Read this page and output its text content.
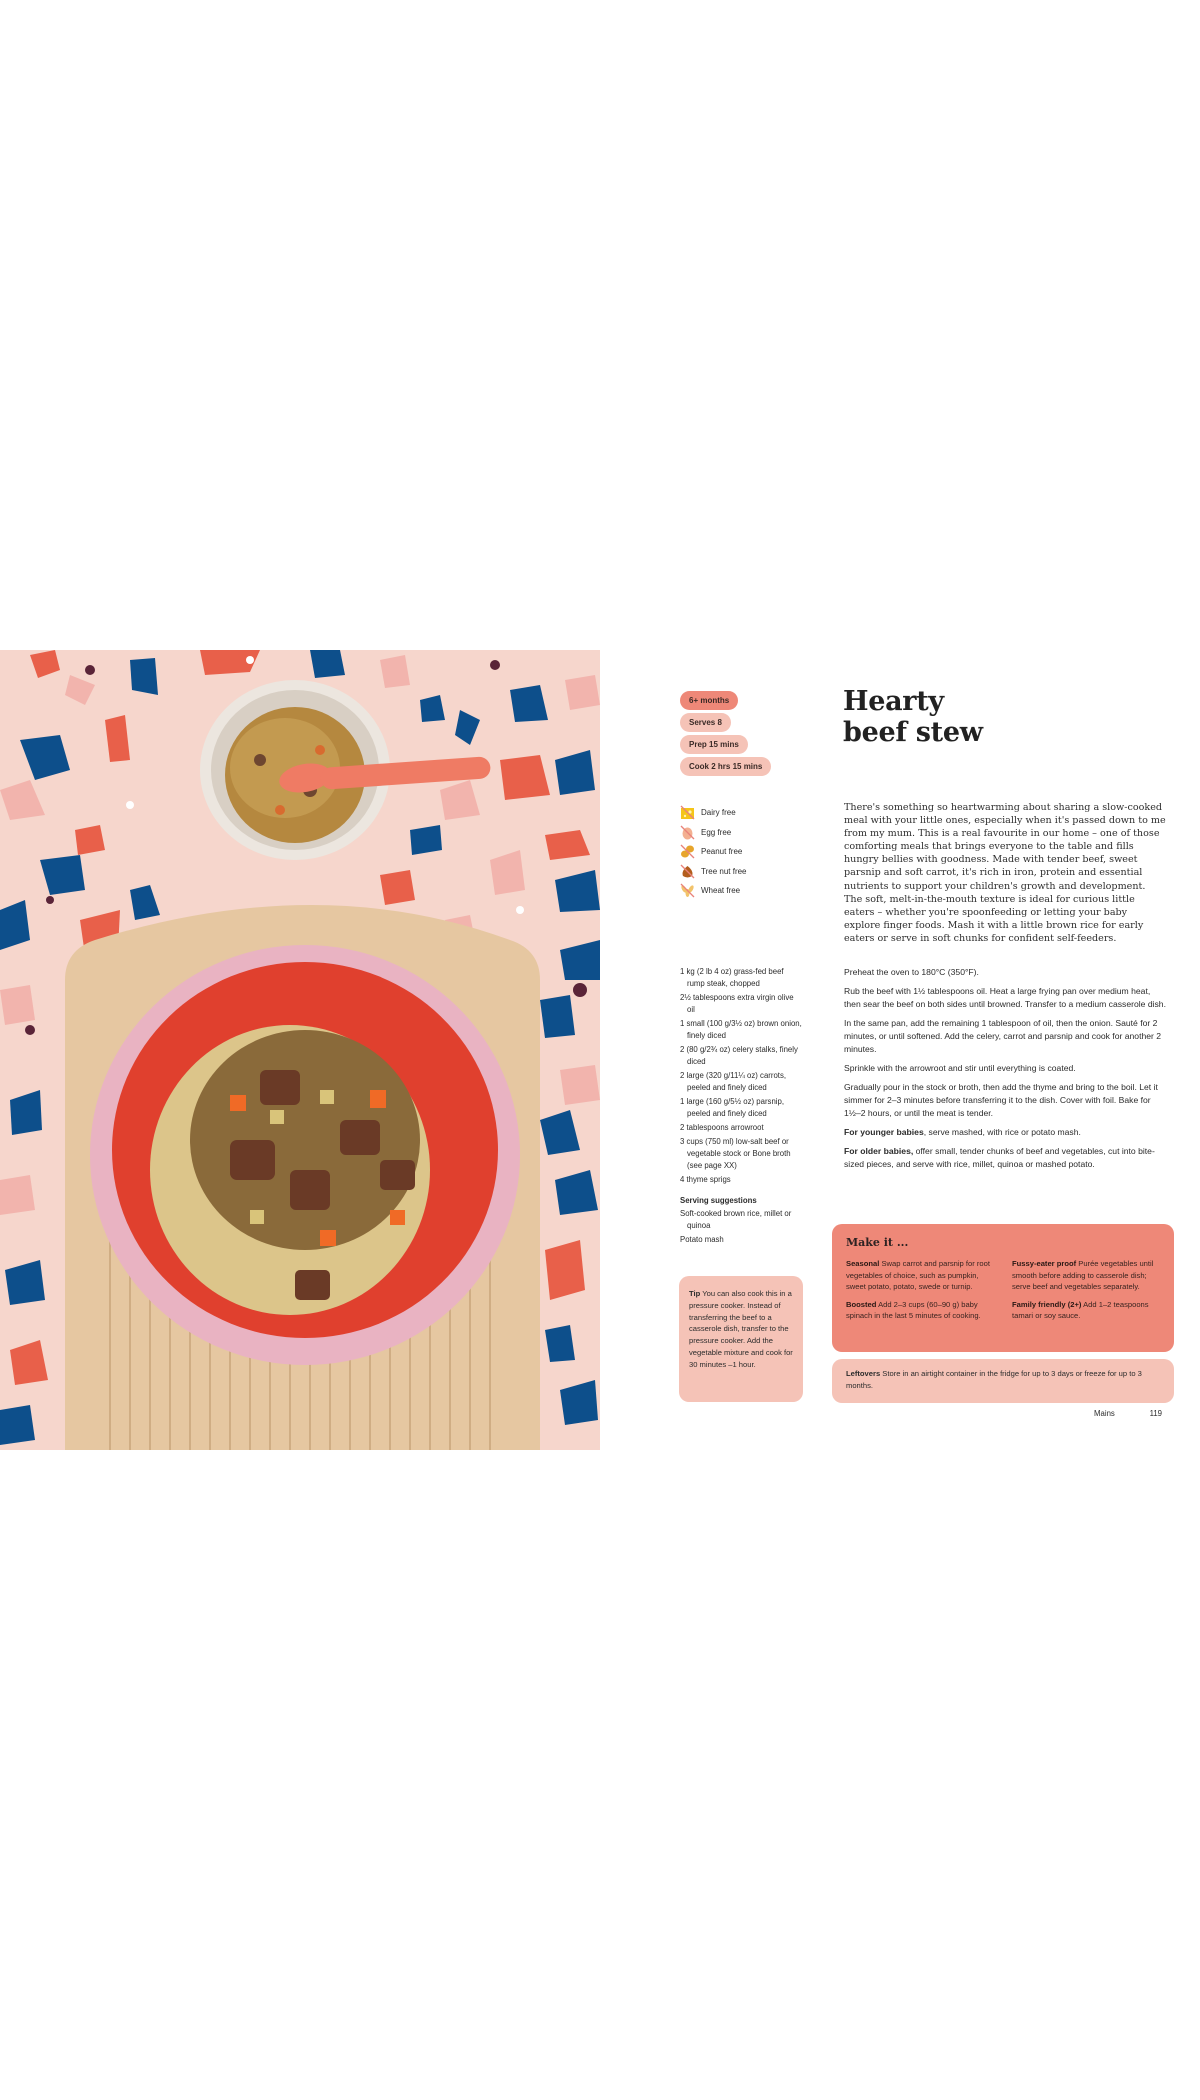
6+ months
Serves 8
Prep 15 mins
Cook 2 hrs 15 mins
Hearty
beef stew
Dairy free
Egg free
Peanut free
Tree nut free
Wheat free

There's something so heartwarming about sharing a slow-cooked meal with your little ones, especially when it's passed down to me from my mum. This is a real favourite in our home – one of those comforting meals that brings everyone to the table and fills hungry bellies with goodness. Made with tender beef, sweet parsnip and soft carrot, it's rich in iron, protein and essential nutrients to support your children's growth and development. The soft, melt-in-the-mouth texture is ideal for curious little eaters – whether you're spoonfeeding or letting your baby explore finger foods. Mash it with a little brown rice for early eaters or serve in soft chunks for confident self-feeders.

1 kg (2 lb 4 oz) grass-fed beef rump steak, chopped
2½ tablespoons extra virgin olive oil
1 small (100 g/3½ oz) brown onion, finely diced
2 (80 g/2¾ oz) celery stalks, finely diced
2 large (320 g/11¼ oz) carrots, peeled and finely diced
1 large (160 g/5½ oz) parsnip, peeled and finely diced
2 tablespoons arrowroot
3 cups (750 ml) low-salt beef or vegetable stock or Bone broth (see page XX)
4 thyme sprigs
Serving suggestions
Soft-cooked brown rice, millet or quinoa
Potato mash

Preheat the oven to 180°C (350°F).

Rub the beef with 1½ tablespoons oil. Heat a large frying pan over medium heat, then sear the beef on both sides until browned. Transfer to a medium casserole dish.

In the same pan, add the remaining 1 tablespoon of oil, then the onion. Sauté for 2 minutes, or until softened. Add the celery, carrot and parsnip and cook for another 2 minutes.

Sprinkle with the arrowroot and stir until everything is coated.

Gradually pour in the stock or broth, then add the thyme and bring to the boil. Let it simmer for 2–3 minutes before transferring it to the dish. Cover with foil. Bake for 1½–2 hours, or until the meat is tender.

For younger babies, serve mashed, with rice or potato mash.

For older babies, offer small, tender chunks of beef and vegetables, cut into bite-sized pieces, and serve with rice, millet, quinoa or mashed potato.

Tip You can also cook this in a pressure cooker. Instead of transferring the beef to a casserole dish, transfer to the pressure cooker. Add the vegetable mixture and cook for 30 minutes –1 hour.
Make it ...

Seasonal Swap carrot and parsnip for root vegetables of choice, such as pumpkin, sweet potato, potato, swede or turnip.

Boosted Add 2–3 cups (60–90 g) baby spinach in the last 5 minutes of cooking.

Fussy-eater proof Purée vegetables until smooth before adding to casserole dish; serve beef and vegetables separately.

Family friendly (2+) Add 1–2 teaspoons tamari or soy sauce.

Leftovers Store in an airtight container in the fridge for up to 3 days or freeze for up to 3 months.
Mains	119
